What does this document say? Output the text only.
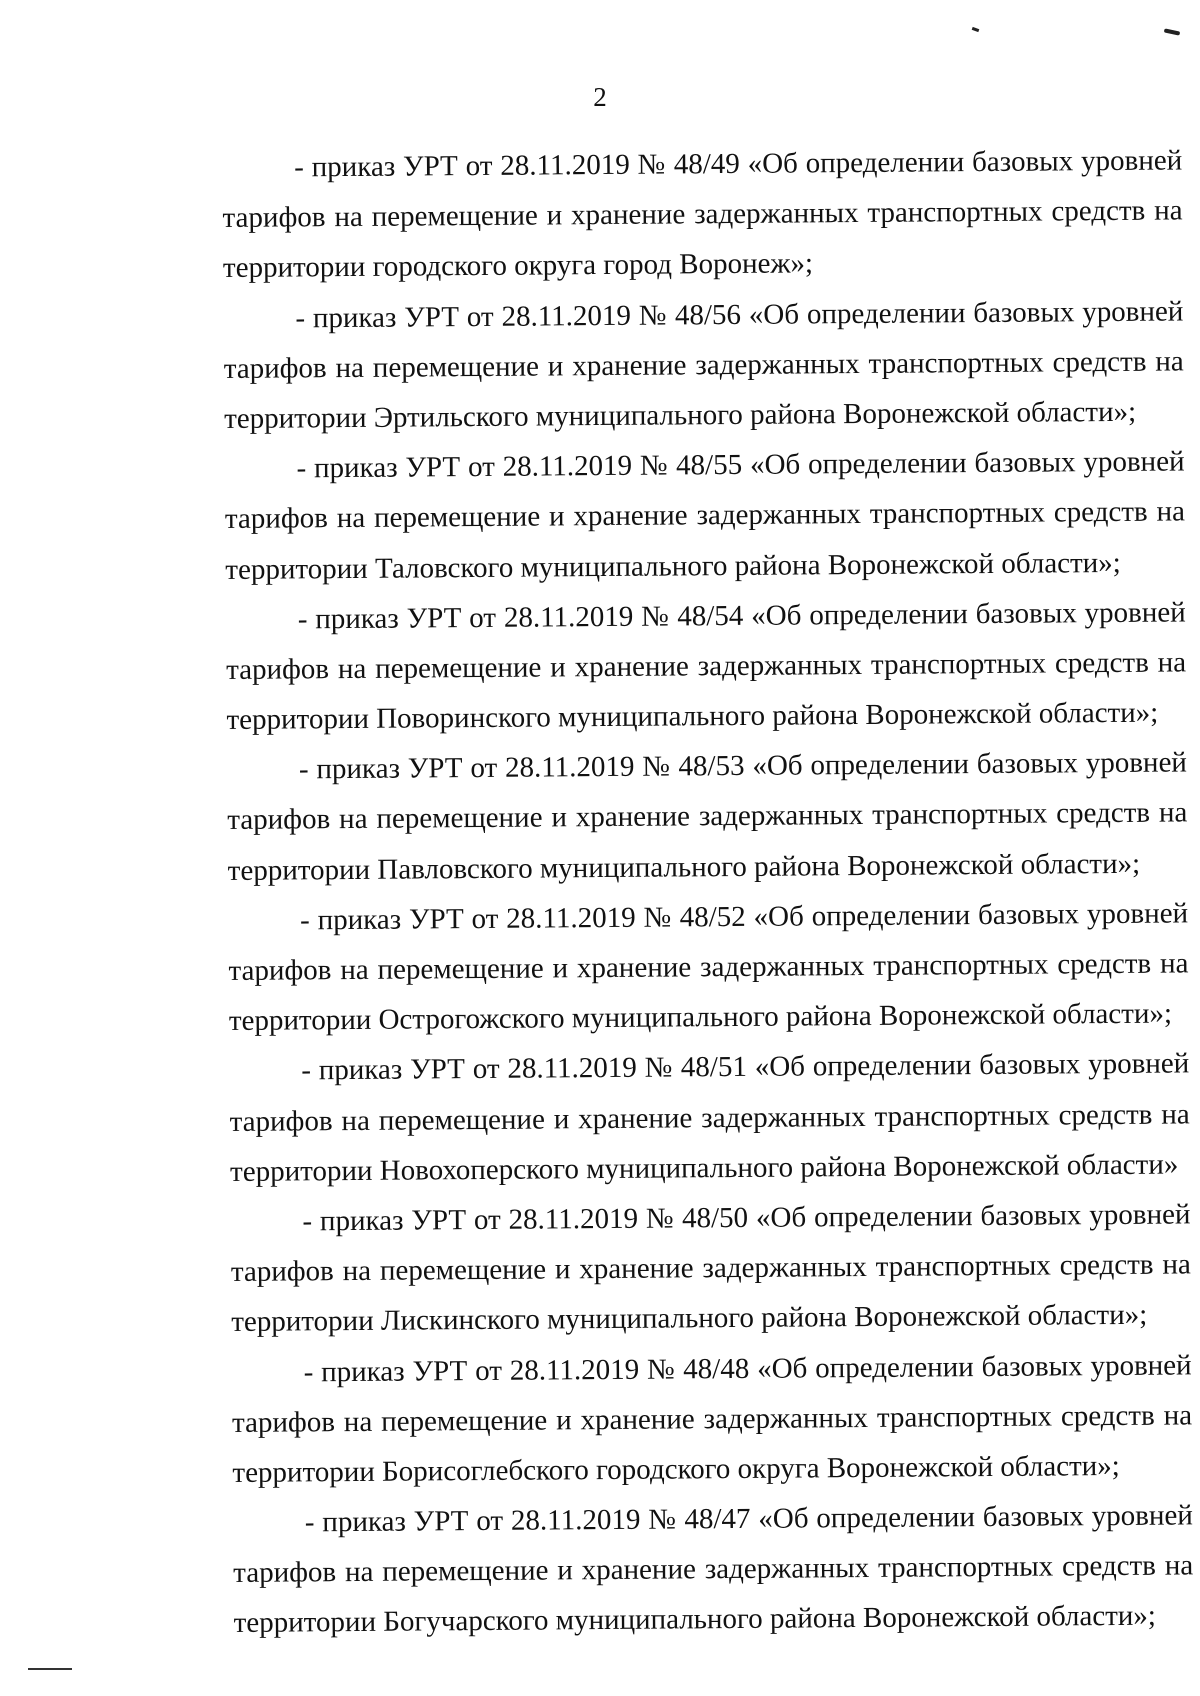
2

- приказ УРТ от 28.11.2019 № 48/49 «Об определении базовых уровней
тарифов на перемещение и хранение задержанных транспортных средств на
территории городского округа город Воронеж»;

- приказ УРТ от 28.11.2019 № 48/56 «Об определении базовых уровней
тарифов на перемещение и хранение задержанных транспортных средств на
территории Эртильского муниципального района Воронежской области»;

- приказ УРТ от 28.11.2019 № 48/55 «Об определении базовых уровней
тарифов на перемещение и хранение задержанных транспортных средств на
территории Таловского муниципального района Воронежской области»;

- приказ УРТ от 28.11.2019 № 48/54 «Об определении базовых уровней
тарифов на перемещение и хранение задержанных транспортных средств на
территории Поворинского муниципального района Воронежской области»;

- приказ УРТ от 28.11.2019 № 48/53 «Об определении базовых уровней
тарифов на перемещение и хранение задержанных транспортных средств на
территории Павловского муниципального района Воронежской области»;

- приказ УРТ от 28.11.2019 № 48/52 «Об определении базовых уровней
тарифов на перемещение и хранение задержанных транспортных средств на
территории Острогожского муниципального района Воронежской области»;

- приказ УРТ от 28.11.2019 № 48/51 «Об определении базовых уровней
тарифов на перемещение и хранение задержанных транспортных средств на
территории Новохоперского муниципального района Воронежской области»

- приказ УРТ от 28.11.2019 № 48/50 «Об определении базовых уровней
тарифов на перемещение и хранение задержанных транспортных средств на
территории Лискинского муниципального района Воронежской области»;

- приказ УРТ от 28.11.2019 № 48/48 «Об определении базовых уровней
тарифов на перемещение и хранение задержанных транспортных средств на
территории Борисоглебского городского округа Воронежской области»;

- приказ УРТ от 28.11.2019 № 48/47 «Об определении базовых уровней
тарифов на перемещение и хранение задержанных транспортных средств на
территории Богучарского муниципального района Воронежской области»;
